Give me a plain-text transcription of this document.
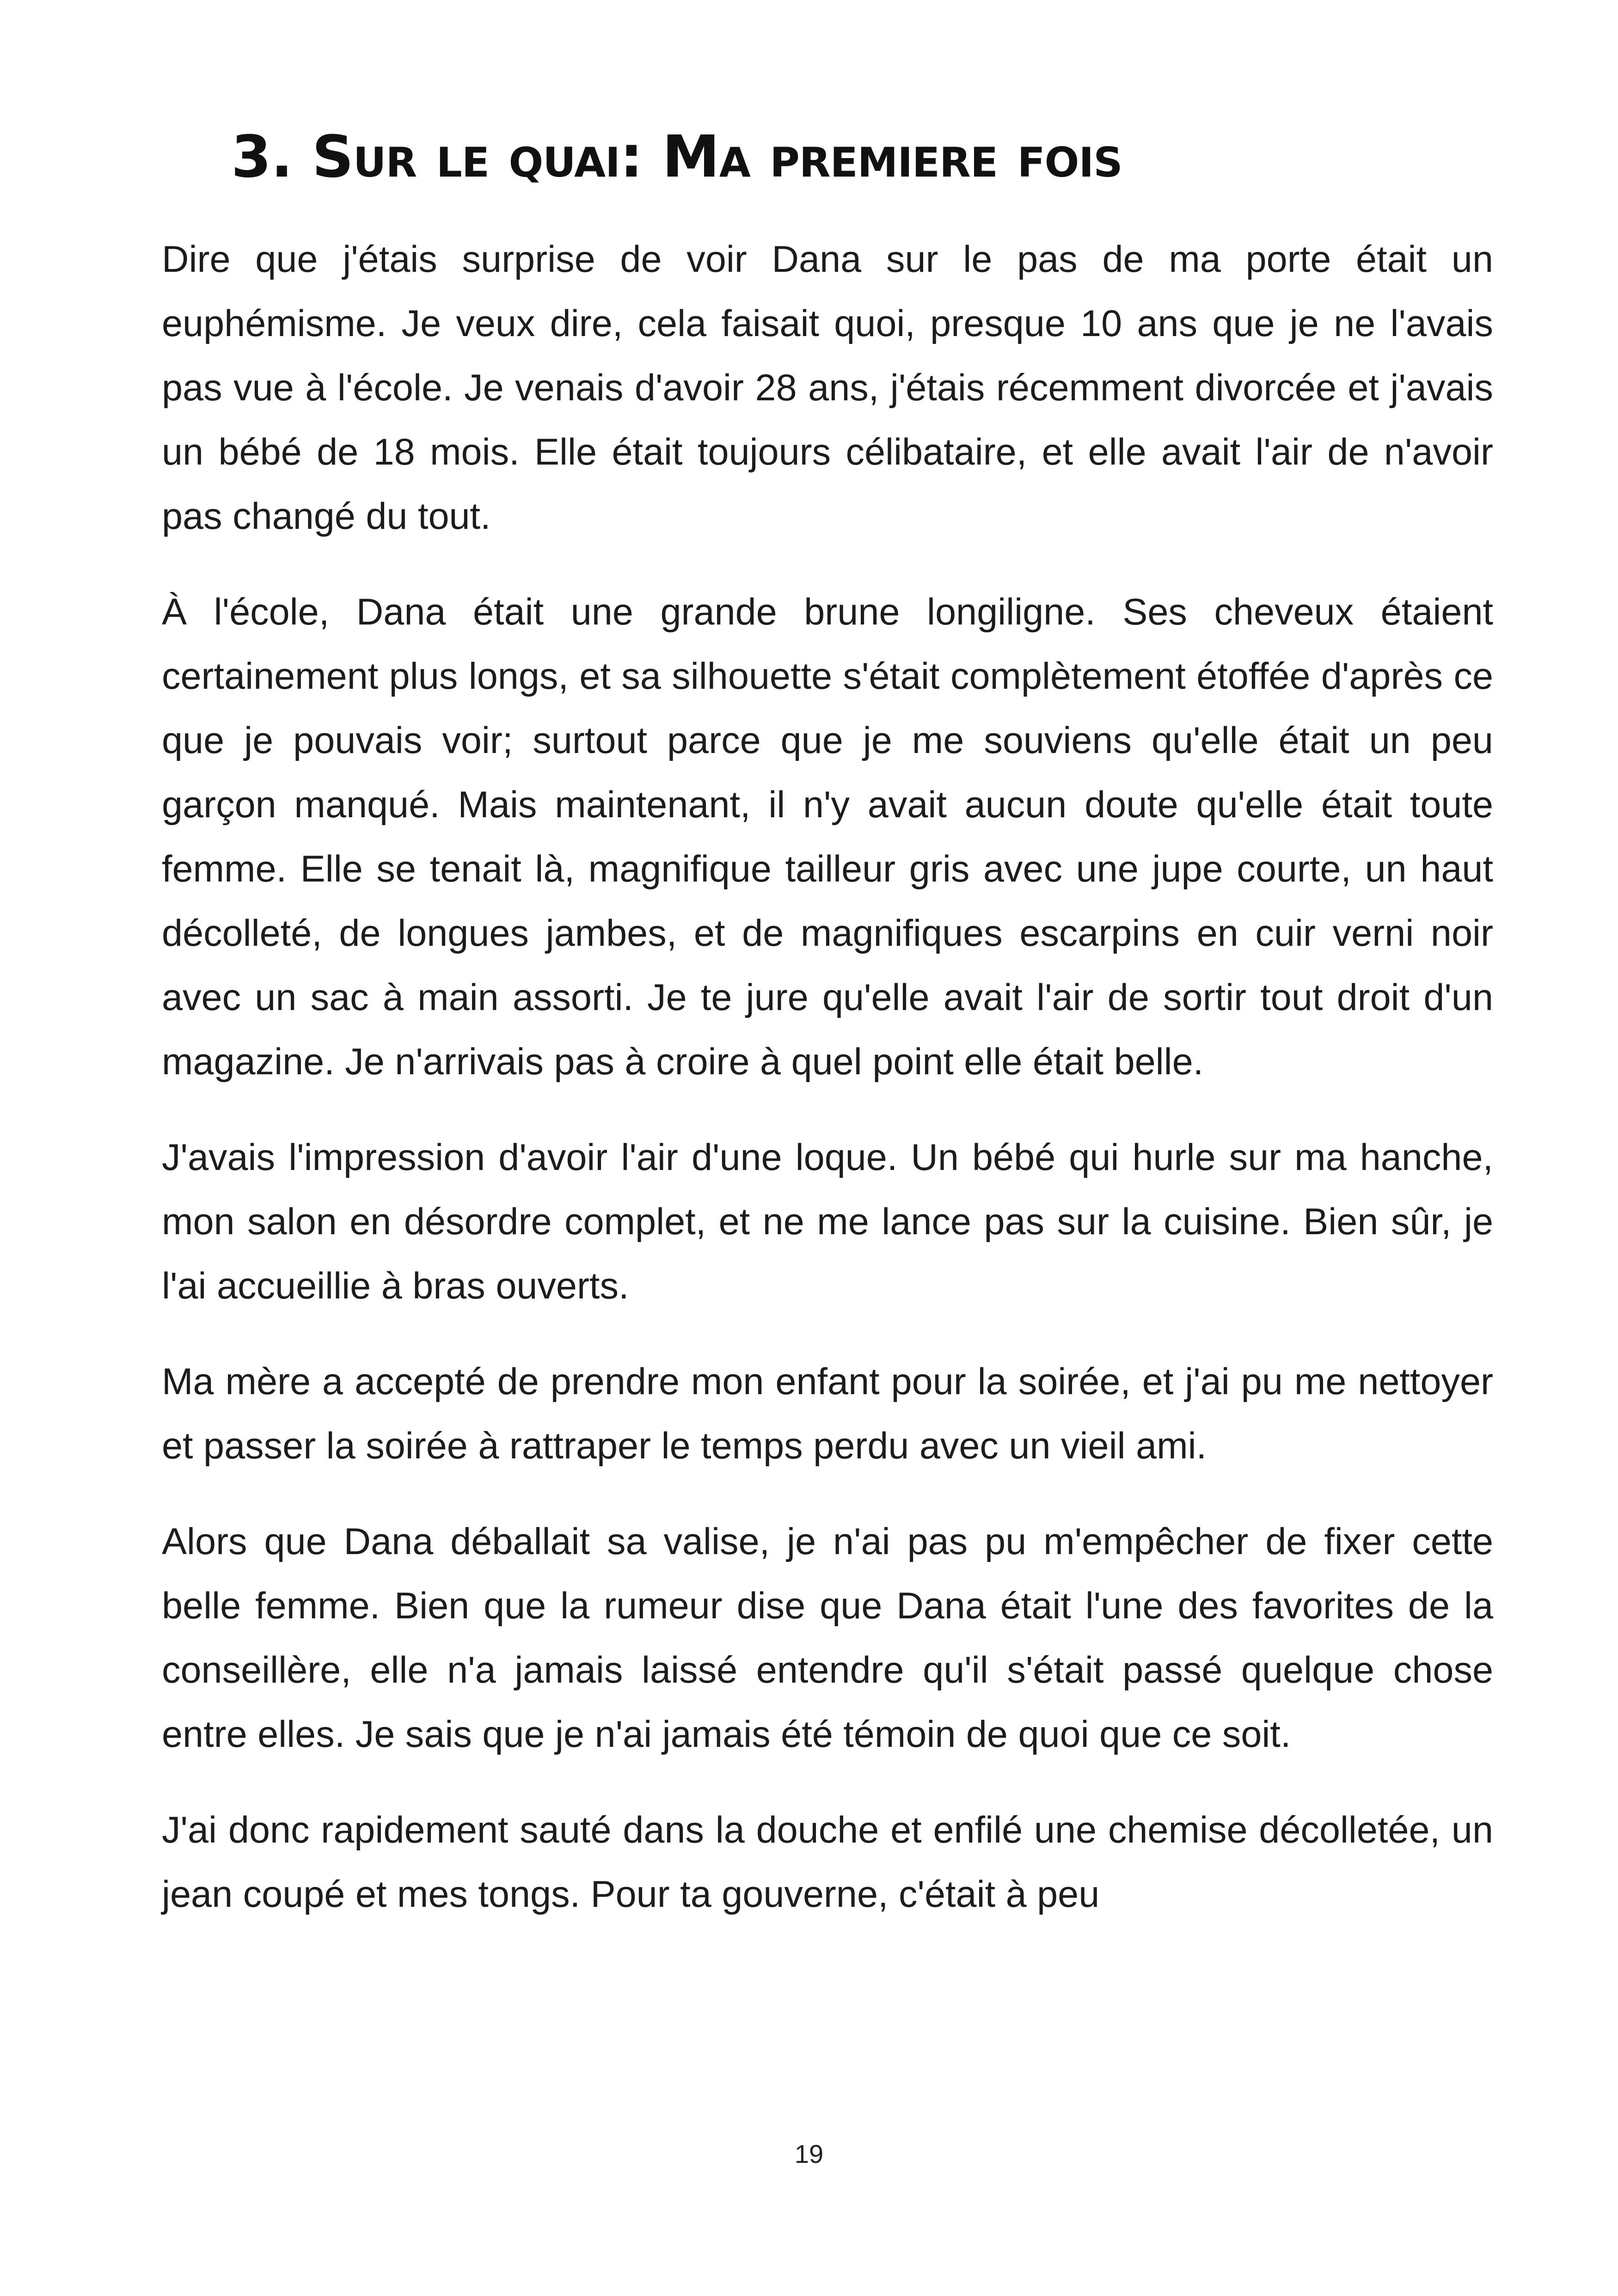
3. Sur le quai: Ma premiere fois

Dire que j'étais surprise de voir Dana sur le pas de ma porte était un euphémisme. Je veux dire, cela faisait quoi, presque 10 ans que je ne l'avais pas vue à l'école. Je venais d'avoir 28 ans, j'étais récemment divorcée et j'avais un bébé de 18 mois. Elle était toujours célibataire, et elle avait l'air de n'avoir pas changé du tout.

À l'école, Dana était une grande brune longiligne. Ses cheveux étaient certainement plus longs, et sa silhouette s'était complètement étoffée d'après ce que je pouvais voir; surtout parce que je me souviens qu'elle était un peu garçon manqué. Mais maintenant, il n'y avait aucun doute qu'elle était toute femme. Elle se tenait là, magnifique tailleur gris avec une jupe courte, un haut décolleté, de longues jambes, et de magnifiques escarpins en cuir verni noir avec un sac à main assorti. Je te jure qu'elle avait l'air de sortir tout droit d'un magazine. Je n'arrivais pas à croire à quel point elle était belle.

J'avais l'impression d'avoir l'air d'une loque. Un bébé qui hurle sur ma hanche, mon salon en désordre complet, et ne me lance pas sur la cuisine. Bien sûr, je l'ai accueillie à bras ouverts.

Ma mère a accepté de prendre mon enfant pour la soirée, et j'ai pu me nettoyer et passer la soirée à rattraper le temps perdu avec un vieil ami.

Alors que Dana déballait sa valise, je n'ai pas pu m'empêcher de fixer cette belle femme. Bien que la rumeur dise que Dana était l'une des favorites de la conseillère, elle n'a jamais laissé entendre qu'il s'était passé quelque chose entre elles. Je sais que je n'ai jamais été témoin de quoi que ce soit.

J'ai donc rapidement sauté dans la douche et enfilé une chemise décolletée, un jean coupé et mes tongs. Pour ta gouverne, c'était à peu

19
